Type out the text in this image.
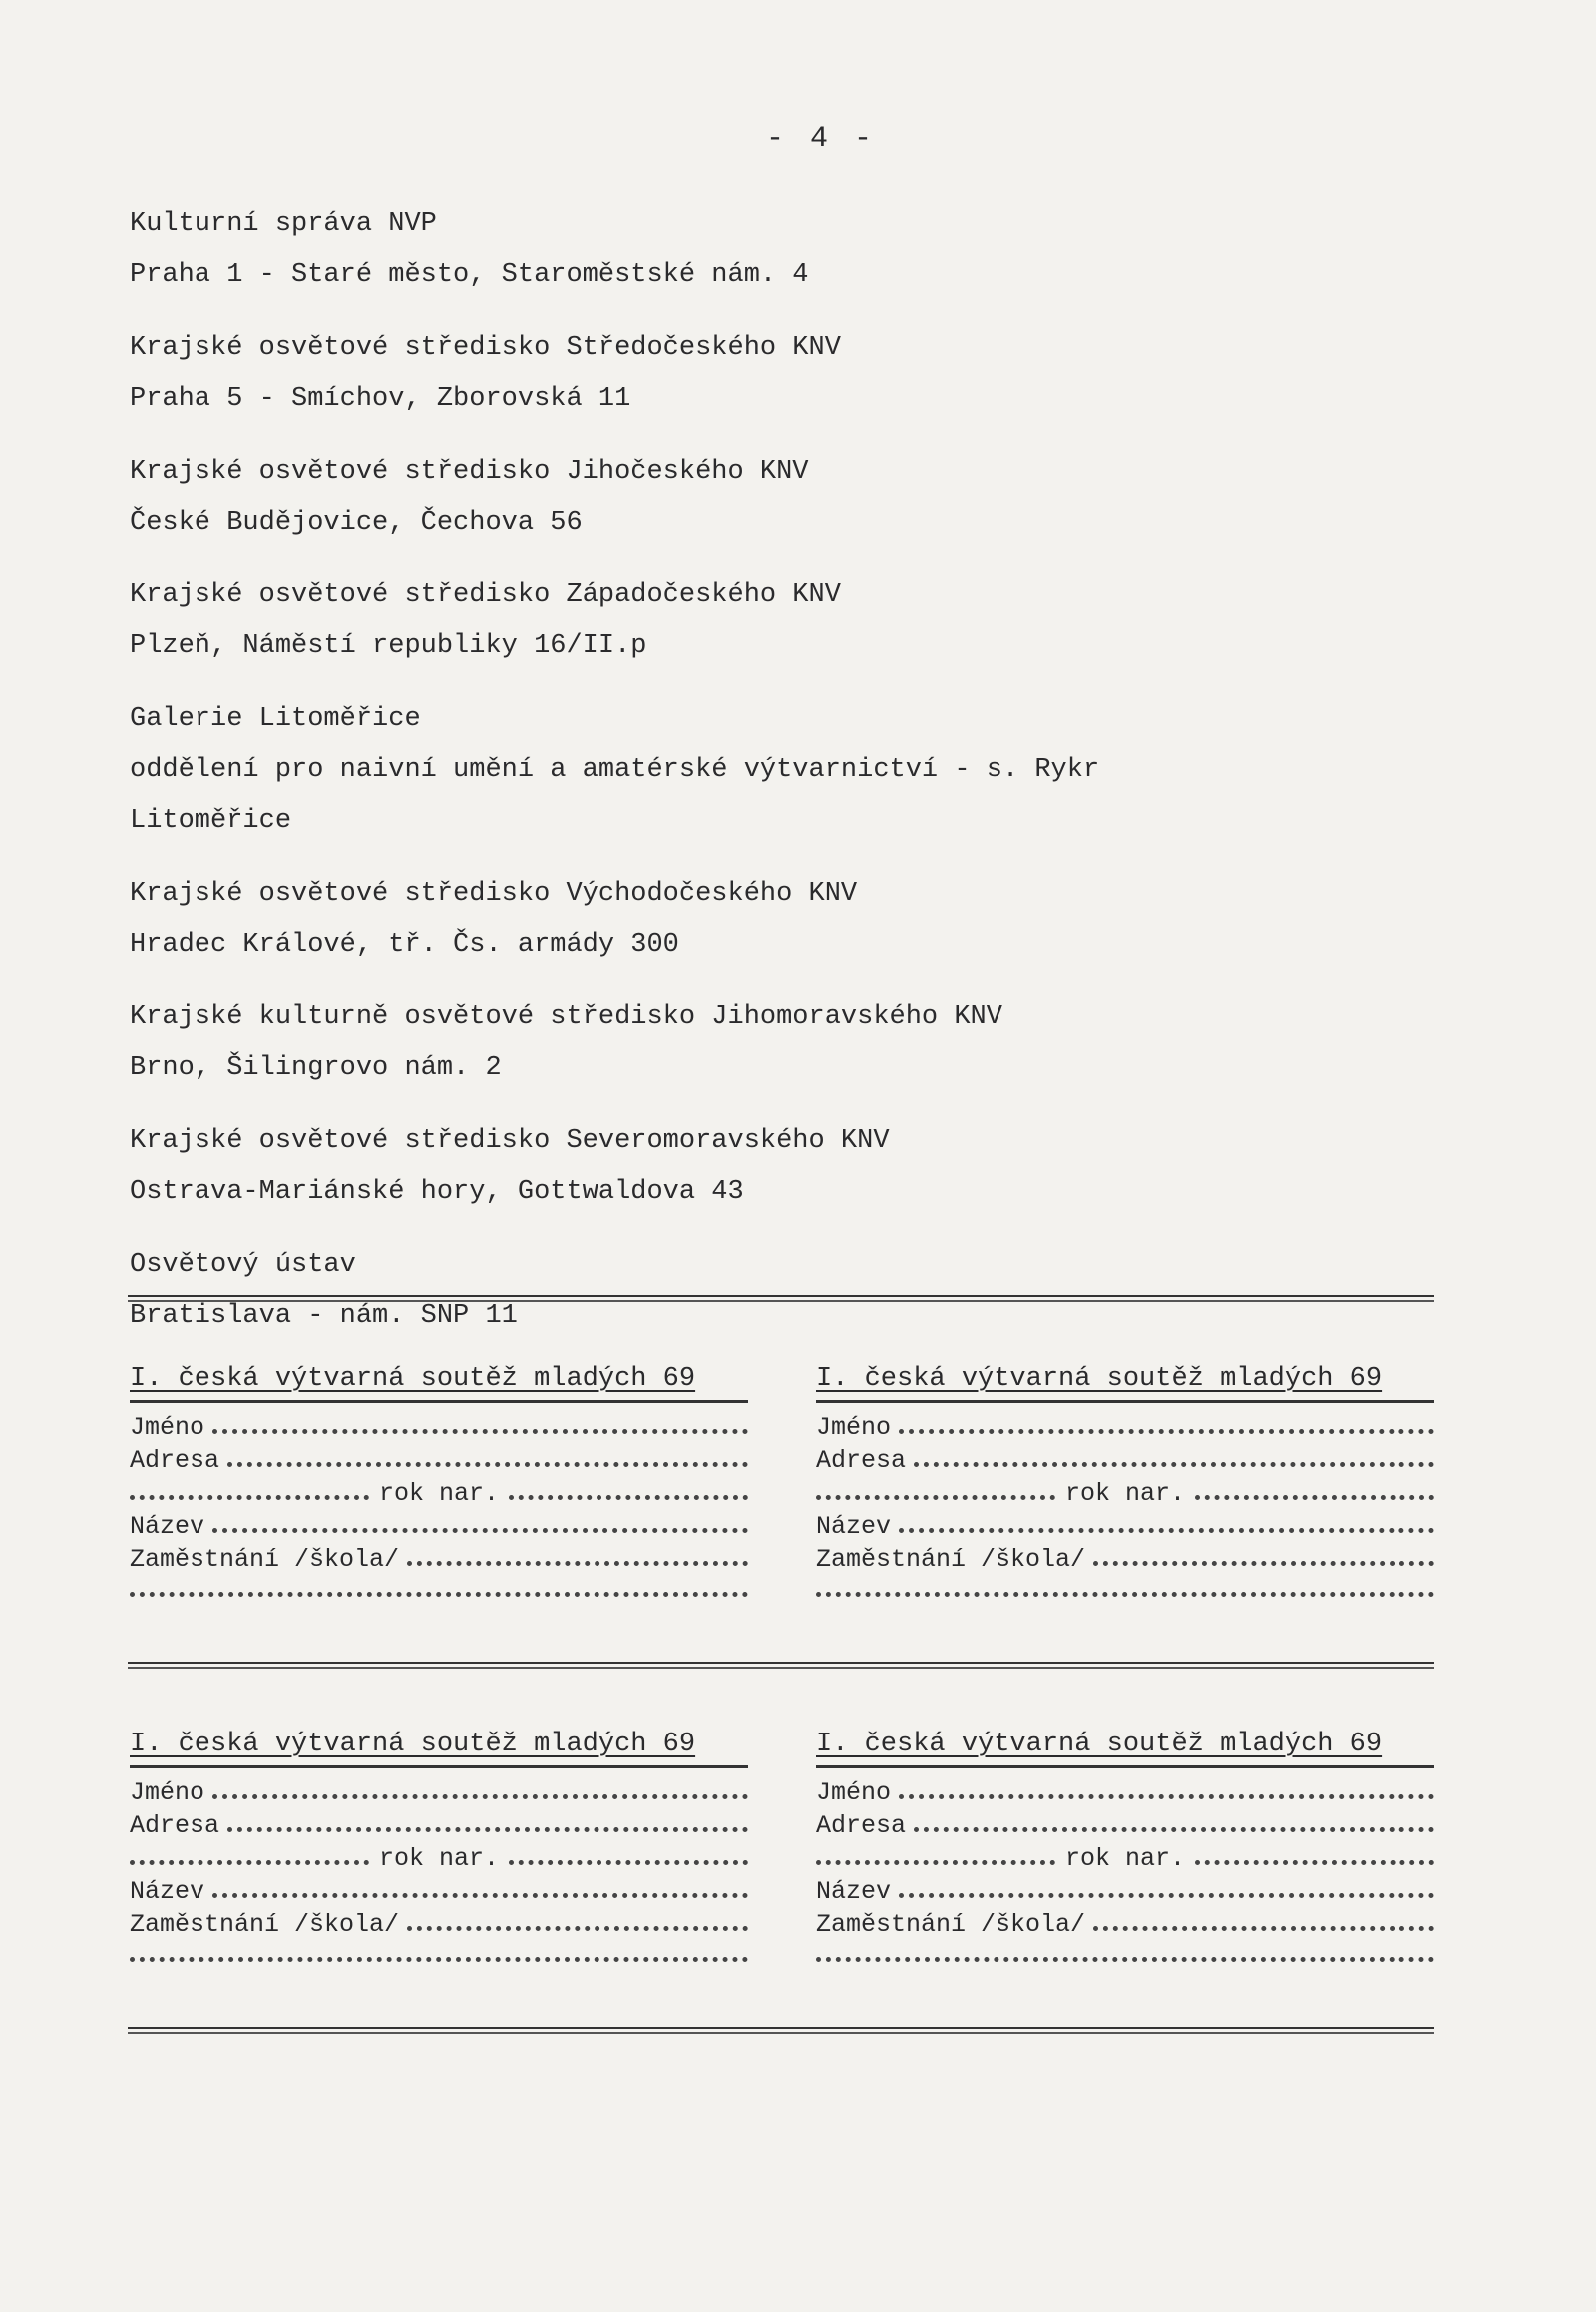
- 4 -
Kulturní správa NVP
Praha 1 - Staré město, Staroměstské nám. 4
Krajské osvětové středisko Středočeského KNV
Praha 5 - Smíchov, Zborovská 11
Krajské osvětové středisko Jihočeského KNV
České Budějovice, Čechova 56
Krajské osvětové středisko Západočeského KNV
Plzeň, Náměstí republiky 16/II.p
Galerie Litoměřice
oddělení pro naivní umění a amatérské výtvarnictví - s. Rykr
Litoměřice
Krajské osvětové středisko Východočeského KNV
Hradec Králové, tř. Čs. armády 300
Krajské kulturně osvětové středisko Jihomoravského KNV
Brno, Šilingrovo nám. 2
Krajské osvětové středisko Severomoravského KNV
Ostrava-Mariánské hory, Gottwaldova 43
Osvětový ústav
Bratislava - nám. SNP 11
I. česká výtvarná soutěž mladých 69
Jméno
Adresa
rok nar.
Název
Zaměstnání /škola/
I. česká výtvarná soutěž mladých 69
Jméno
Adresa
rok nar.
Název
Zaměstnání /škola/
I. česká výtvarná soutěž mladých 69
Jméno
Adresa
rok nar.
Název
Zaměstnání /škola/
I. česká výtvarná soutěž mladých 69
Jméno
Adresa
rok nar.
Název
Zaměstnání /škola/
